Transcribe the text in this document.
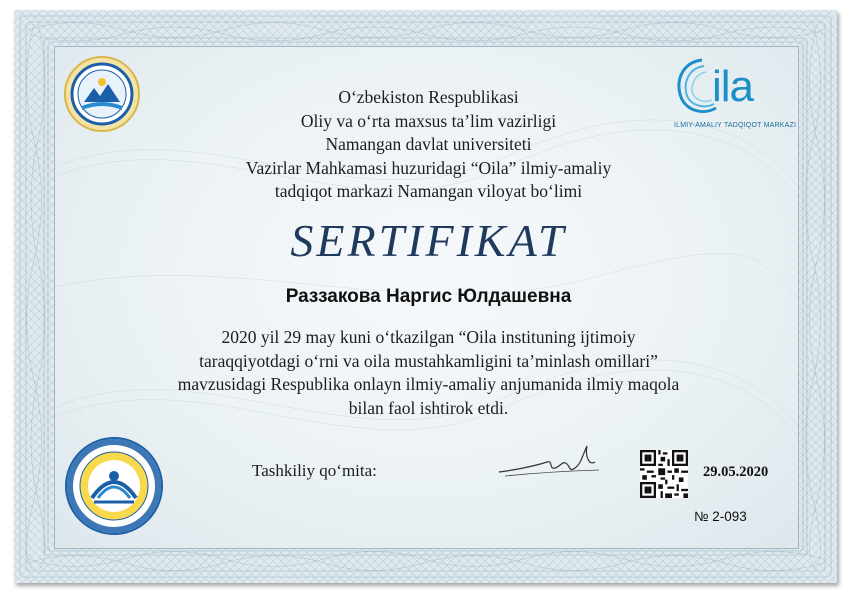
ila
ILMIY-AMALIY TADQIQOT MARKAZI
O‘zbekiston Respublikasi
Oliy va o‘rta maxsus ta’lim vazirligi
Namangan davlat universiteti
Vazirlar Mahkamasi huzuridagi “Oila” ilmiy-amaliy
tadqiqot markazi Namangan viloyat bo‘limi
SERTIFIKAT
Раззакова Наргис Юлдашевна
2020 yil 29 may kuni o‘tkazilgan “Oila instituning ijtimoiy
taraqqiyotdagi o‘rni va oila mustahkamligini ta’minlash omillari”
mavzusidagi Respublika onlayn ilmiy-amaliy anjumanida ilmiy maqola
bilan faol ishtirok etdi.
Tashkiliy qo‘mita:	29.05.2020
№ 2-093
